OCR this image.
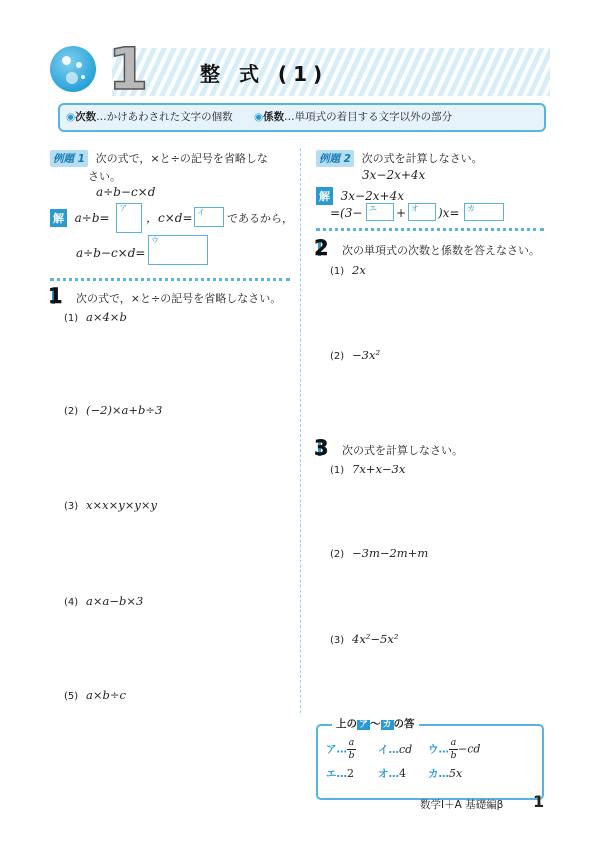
1	整 式 (1)
◉次数…かけあわされた文字の個数 ◉係数…単項式の着目する文字以外の部分
例題 1 次の式で，×と÷の記号を省略しな
さい。
a÷b−c×d
解 a÷b=
ア
，c×d= イ であるから，
a÷b−c×d=
ウ
1 次の式で，×と÷の記号を省略しなさい。
(1) a×4×b
(2) (−2)×a+b÷3
(3) x×x×y×y×y
(4) a×a−b×3
(5) a×b÷c
例題 2 次の式を計算しなさい。
3x−2x+4x
解 3x−2x+4x
=(3− エ + オ )x= カ
2 次の単項式の次数と係数を答えなさい。
(1) 2x
(2) −3x²
3 次の式を計算しなさい。
(1) 7x+x−3x
(2) −3m−2m+m
(3) 4x²−5x²
上の ア ～ カ の答
ア… $\frac{a}{b}$ イ…cd ウ… $\frac{a}{b} -cd$
エ…2 オ…4 カ…5x
数学Ⅰ＋A 基礎編β 1
